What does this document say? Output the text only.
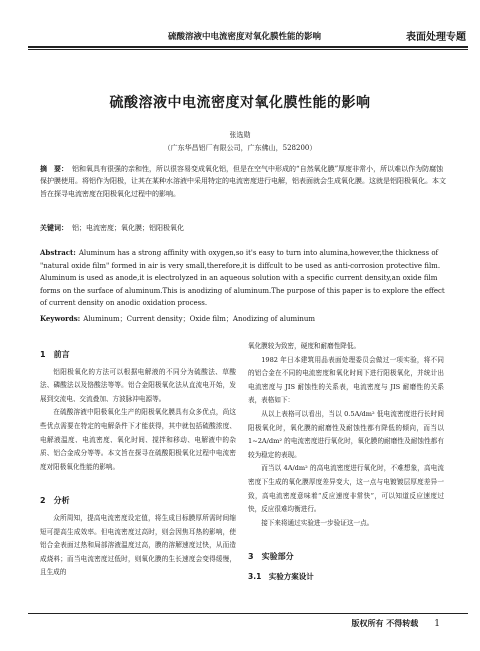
硫酸溶液中电流密度对氧化膜性能的影响	表面处理专题
硫酸溶液中电流密度对氧化膜性能的影响
张选勋
（广东华昌铝厂有限公司，广东佛山，528200）
摘　要： 铝和氧具有很强的亲和性，所以很容易变成氧化铝，但是在空气中形成的“自然氧化膜”厚度非常小，所以难以作为防腐蚀保护膜使用。将铝作为阳极，让其在某种水溶液中采用特定的电流密度进行电解，铝表面就会生成氧化膜。这就是铝阳极氧化。本文旨在探寻电流密度在阳极氧化过程中的影响。
关键词： 铝；电流密度；氧化膜；铝阳极氧化
Abstract: Aluminum has a strong affinity with oxygen,so it's easy to turn into alumina,however,the thickness of "natural oxide film" formed in air is very small,therefore,it is diffcult to be used as anti-corrosion protective film.
Aluminum is used as anode,it is electrolyzed in an aqueous solution with a specific current density,an oxide film forms on the surface of aluminum.This is anodizing of aluminum.The purpose of this paper is to explore the effect of current density on anodic oxidation process.
Keywords: Aluminum；Current density；Oxide film；Anodizing of aluminum
1　前言

铝阳极氧化的方法可以根据电解液的不同分为硫酸法、草酸法、磷酸法以及铬酸法等等。铝合金阳极氧化法从直流电开始，发展到交流电、交流叠加、方波脉冲电源等。

在硫酸溶液中阳极氧化生产的阳极氧化膜具有众多优点，尚这些优点需要在特定的电解条件下才能获得，其中就包括硫酸浓度、电解液温度、电流密度、氧化时间、搅拌和移动、电解液中的杂质、铝合金成分等等。本文旨在探寻在硫酸阳极氧化过程中电流密度对阳极氧化性能的影响。

2　分析

众所周知，提高电流密度设定值，将生成目标膜厚所需时间缩短可提高生成效率。但电流密度过高时，则会因焦耳热的影响，使铝合金表面过热和局部溶液温度过高，膜的溶解速度过快，从而造成烧料；而当电流密度过低时，则氧化膜的生长速度会变得缓慢，且生成的

氧化膜较为致密，硬度和耐磨性降低。

1982 年日本建筑用品表面处理委员会做过一项实验，将不同的铝合金在不同的电流密度和氧化时间下进行阳极氧化，并统计出电流密度与 JIS 耐蚀性的关系表，电流密度与 JIS 耐磨性的关系表，表格如下：

从以上表格可以看出，当以 0.5A/dm² 低电流密度进行长时间阳极氧化时，氧化膜的耐磨性及耐蚀性都有降低的倾向，而当以 1~2A/dm² 的电流密度进行氧化时，氧化膜的耐磨性及耐蚀性都有较为稳定的表现。

而当以 4A/dm² 的高电流密度进行氧化时，不难想象，高电流密度下生成的氧化膜厚度差异变大，这一点与电镀镀层厚度差异一致，高电流密度意味着“反应速度非常快”，可以知道反应速度过快，反应很难均衡进行。

接下来将通过实验进一步验证这一点。

3　实验部分
3.1　实验方案设计
版权所有 不得转载 1
